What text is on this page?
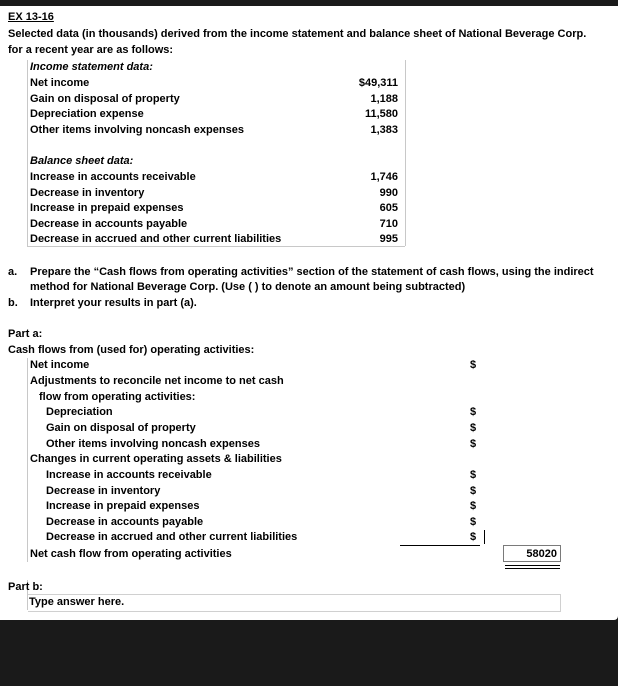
EX 13-16
Selected data (in thousands) derived from the income statement and balance sheet of National Beverage Corp.
for a recent year are as follows:
Income statement data:
Net income	$49,311
Gain on disposal of property	1,188
Depreciation expense	11,580
Other items involving noncash expenses	1,383
Balance sheet data:
Increase in accounts receivable	1,746
Decrease in inventory	990
Increase in prepaid expenses	605
Decrease in accounts payable	710
Decrease in accrued and other current liabilities	995
a. Prepare the “Cash flows from operating activities” section of the statement of cash flows, using the indirect
method for National Beverage Corp. (Use ( ) to denote an amount being subtracted)
b. Interpret your results in part (a).
Part a:
Cash flows from (used for) operating activities:
Net income	$
Adjustments to reconcile net income to net cash
flow from operating activities:
Depreciation	$
Gain on disposal of property	$
Other items involving noncash expenses	$
Changes in current operating assets & liabilities
Increase in accounts receivable	$
Decrease in inventory	$
Increase in prepaid expenses	$
Decrease in accounts payable	$
Decrease in accrued and other current liabilities	$
Net cash flow from operating activities	58020
Part b:
Type answer here.
